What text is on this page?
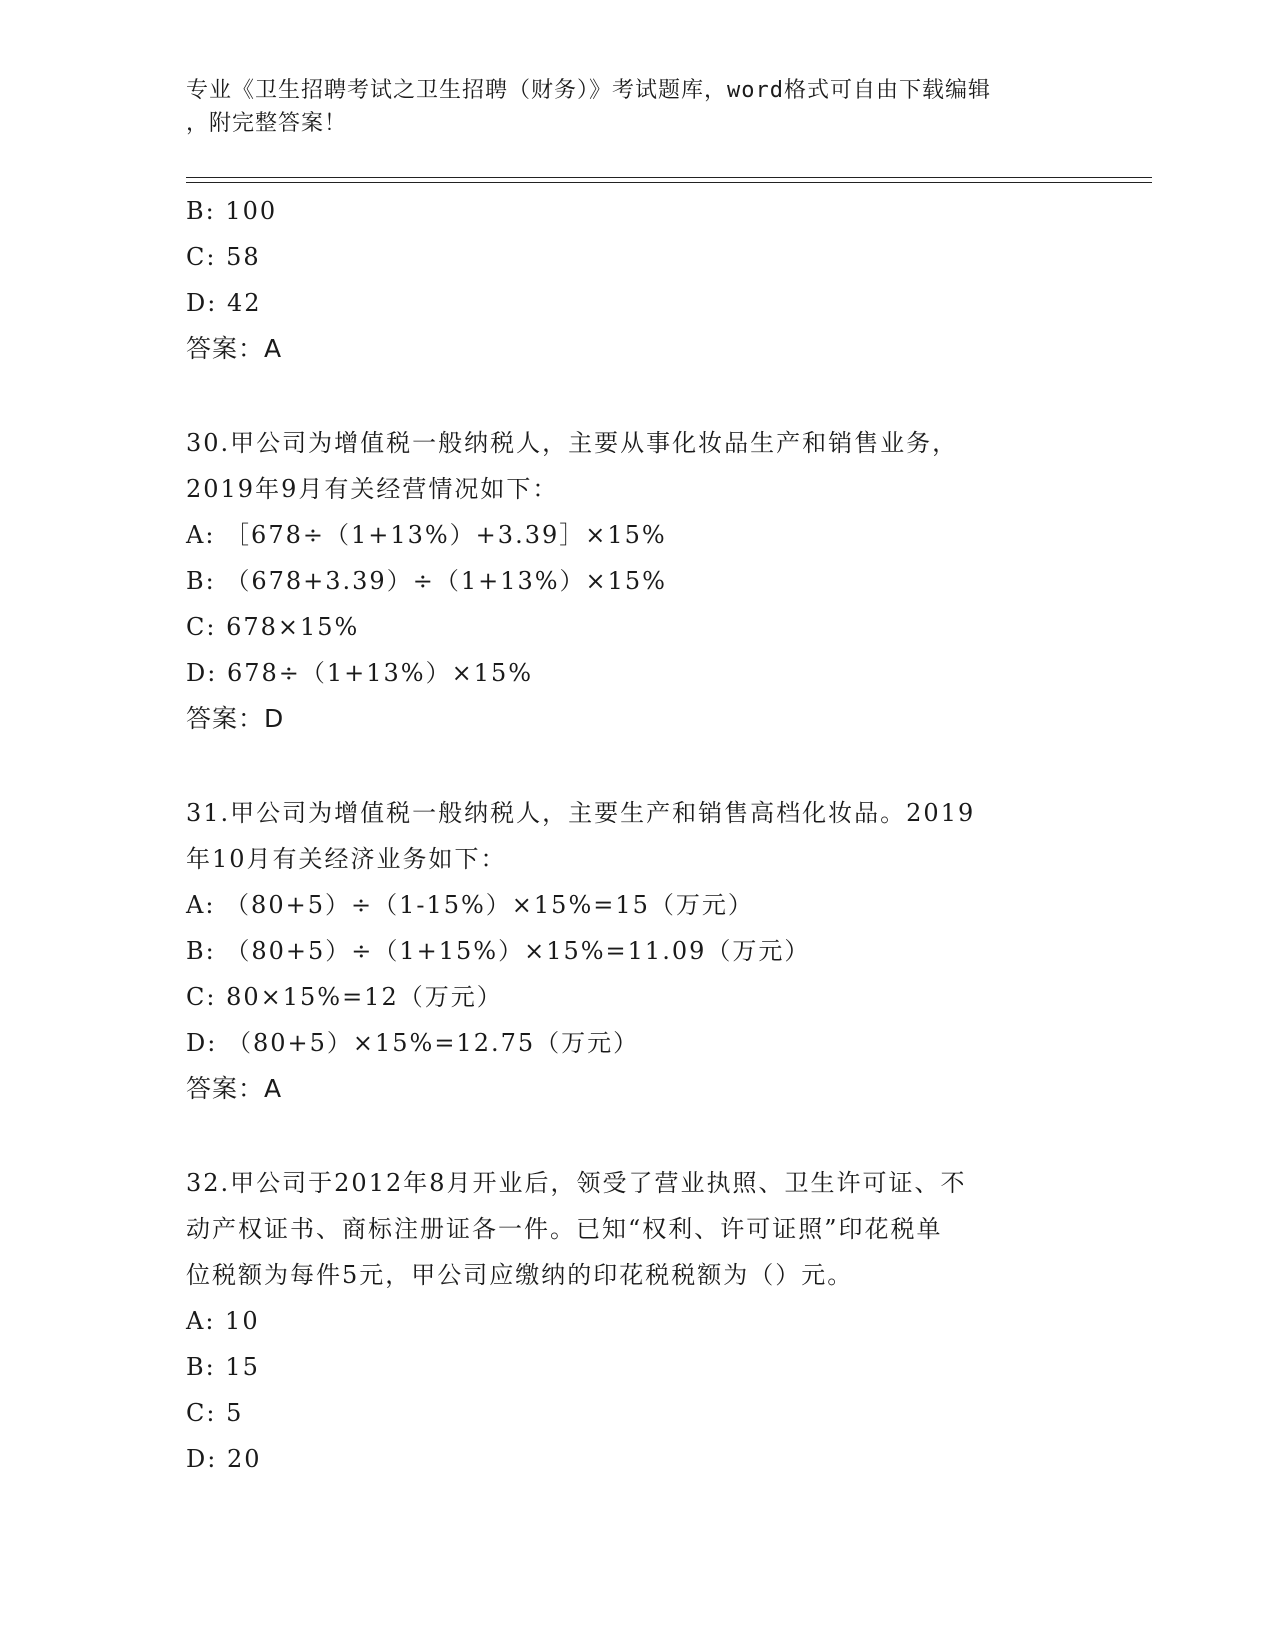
专业《卫生招聘考试之卫生招聘（财务）》考试题库，word格式可自由下载编辑
，附完整答案！
B: 100
C: 58
D: 42
答案：A
30.甲公司为增值税一般纳税人，主要从事化妆品生产和销售业务，
2019年9月有关经营情况如下：
A: ［678÷（1+13%）+3.39］×15%
B: （678+3.39）÷（1+13%）×15%
C: 678×15%
D: 678÷（1+13%）×15%
答案：D
31.甲公司为增值税一般纳税人，主要生产和销售高档化妆品。2019
年10月有关经济业务如下：
A: （80+5）÷（1-15%）×15%=15（万元）
B: （80+5）÷（1+15%）×15%=11.09（万元）
C: 80×15%=12（万元）
D: （80+5）×15%=12.75（万元）
答案：A
32.甲公司于2012年8月开业后，领受了营业执照、卫生许可证、不
动产权证书、商标注册证各一件。已知“权利、许可证照”印花税单
位税额为每件5元，甲公司应缴纳的印花税税额为（）元。
A: 10
B: 15
C: 5
D: 20
